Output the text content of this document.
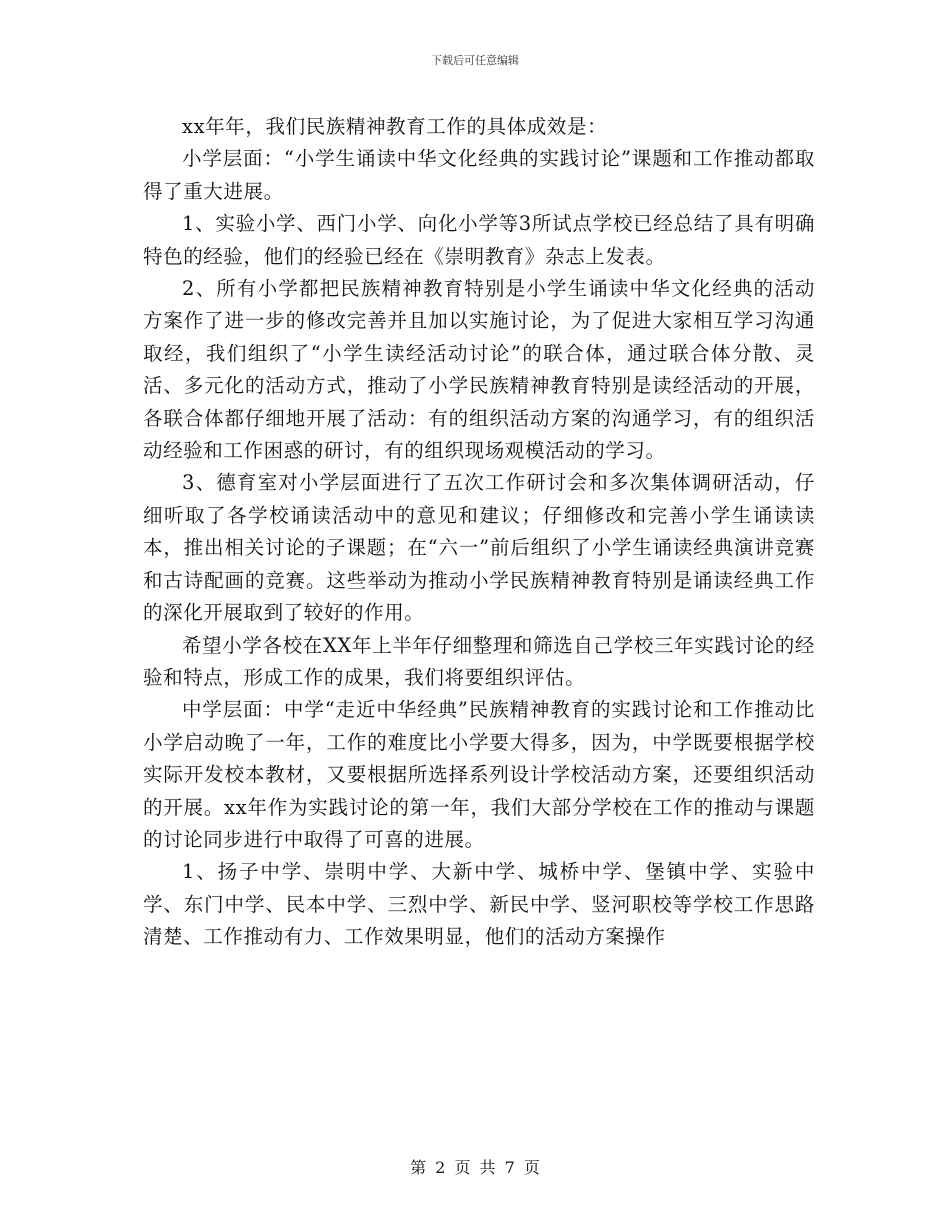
下载后可任意编辑

xx年年，我们民族精神教育工作的具体成效是：

小学层面：“小学生诵读中华文化经典的实践讨论”课题和工作推动都取得了重大进展。

1、实验小学、西门小学、向化小学等3所试点学校已经总结了具有明确特色的经验，他们的经验已经在《崇明教育》杂志上发表。

2、所有小学都把民族精神教育特别是小学生诵读中华文化经典的活动方案作了进一步的修改完善并且加以实施讨论，为了促进大家相互学习沟通取经，我们组织了“小学生读经活动讨论”的联合体，通过联合体分散、灵活、多元化的活动方式，推动了小学民族精神教育特别是读经活动的开展，各联合体都仔细地开展了活动：有的组织活动方案的沟通学习，有的组织活动经验和工作困惑的研讨，有的组织现场观模活动的学习。

3、德育室对小学层面进行了五次工作研讨会和多次集体调研活动，仔细听取了各学校诵读活动中的意见和建议；仔细修改和完善小学生诵读读本，推出相关讨论的子课题；在“六一”前后组织了小学生诵读经典演讲竞赛和古诗配画的竞赛。这些举动为推动小学民族精神教育特别是诵读经典工作的深化开展取到了较好的作用。

希望小学各校在XX年上半年仔细整理和筛选自己学校三年实践讨论的经验和特点，形成工作的成果，我们将要组织评估。

中学层面：中学“走近中华经典”民族精神教育的实践讨论和工作推动比小学启动晚了一年，工作的难度比小学要大得多，因为，中学既要根据学校实际开发校本教材，又要根据所选择系列设计学校活动方案，还要组织活动的开展。xx年作为实践讨论的第一年，我们大部分学校在工作的推动与课题的讨论同步进行中取得了可喜的进展。

1、扬子中学、崇明中学、大新中学、城桥中学、堡镇中学、实验中学、东门中学、民本中学、三烈中学、新民中学、竖河职校等学校工作思路清楚、工作推动有力、工作效果明显，他们的活动方案操作

第 2 页 共 7 页
